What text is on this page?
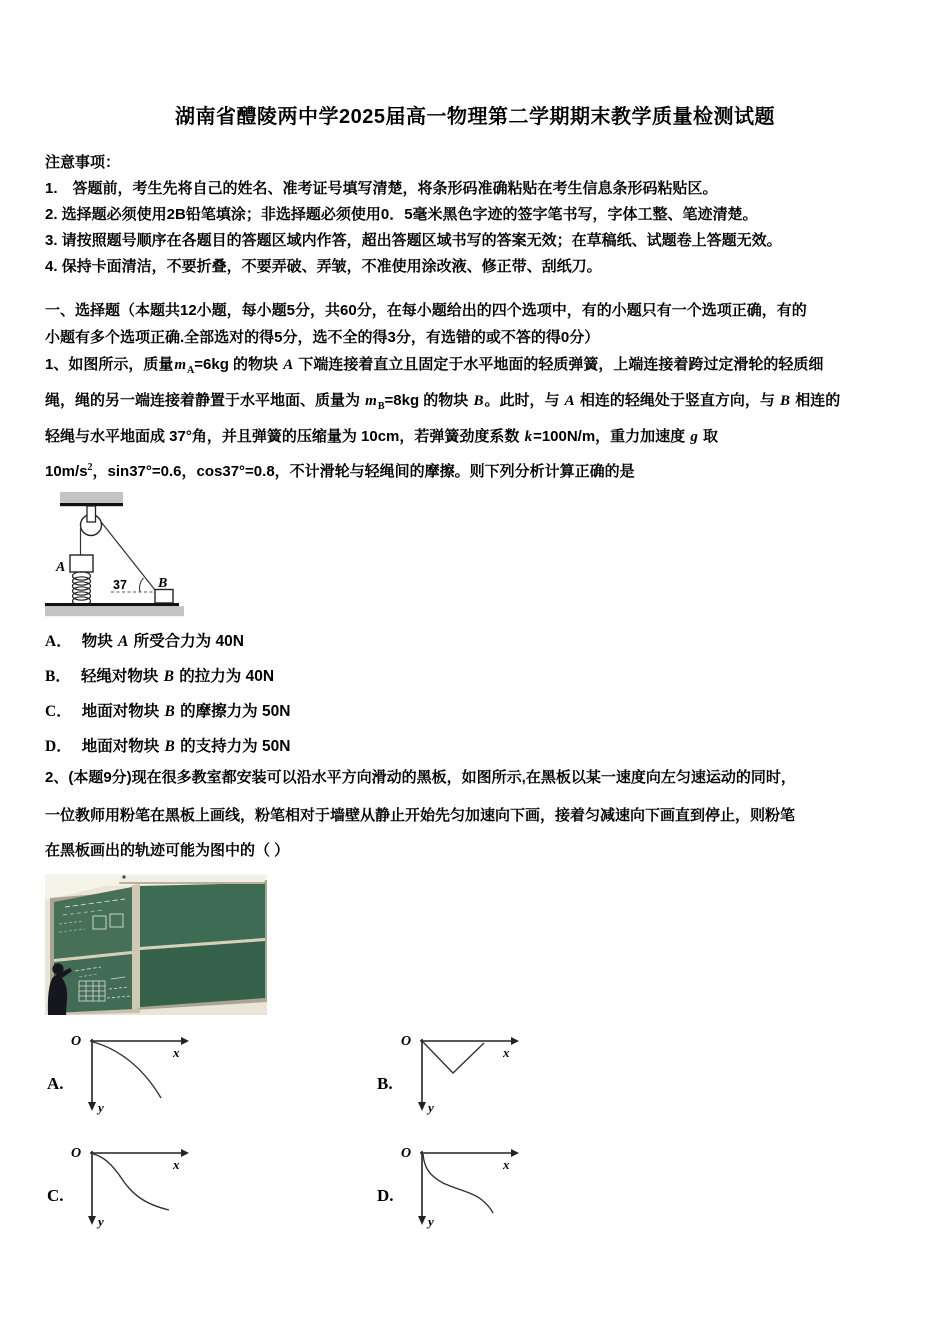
湖南省醴陵两中学2025届高一物理第二学期期末教学质量检测试题
注意事项：
1.　答题前，考生先将自己的姓名、准考证号填写清楚，将条形码准确粘贴在考生信息条形码粘贴区。
2. 选择题必须使用2B铅笔填涂；非选择题必须使用0．5毫米黑色字迹的签字笔书写，字体工整、笔迹清楚。
3. 请按照题号顺序在各题目的答题区域内作答，超出答题区域书写的答案无效；在草稿纸、试题卷上答题无效。
4. 保持卡面清洁，不要折叠，不要弄破、弄皱，不准使用涂改液、修正带、刮纸刀。
一、选择题（本题共12小题，每小题5分，共60分，在每小题给出的四个选项中，有的小题只有一个选项正确，有的
小题有多个选项正确.全部选对的得5分，选不全的得3分，有选错的或不答的得0分）
1、如图所示，质量$m_A=6kg$ 的物块 A 下端连接着直立且固定于水平地面的轻质弹簧，上端连接着跨过定滑轮的轻质细
绳，绳的另一端连接着静置于水平地面、质量为 $m_B=8kg$ 的物块 B。此时，与 A 相连的轻绳处于竖直方向，与 B 相连的
轻绳与水平地面成 37°角，并且弹簧的压缩量为 10cm，若弹簧劲度系数 k=100N/m，重力加速度 g 取
$10m/s^2$，sin37°=0.6，cos37°=0.8，不计滑轮与轻绳间的摩擦。则下列分析计算正确的是
A
37 B
A． 物块 A 所受合力为 40N
B． 轻绳对物块 B 的拉力为 40N
C． 地面对物块 B 的摩擦力为 50N
D． 地面对物块 B 的支持力为 50N
2、(本题9分)现在很多教室都安装可以沿水平方向滑动的黑板，如图所示,在黑板以某一速度向左匀速运动的同时，
一位教师用粉笔在黑板上画线，粉笔相对于墙壁从静止开始先匀加速向下画，接着匀减速向下画直到停止，则粉笔
在黑板画出的轨迹可能为图中的（ ）
A.
O
x
y
B.
O
x
y
C.
O
x
y
D.
O
x
y
